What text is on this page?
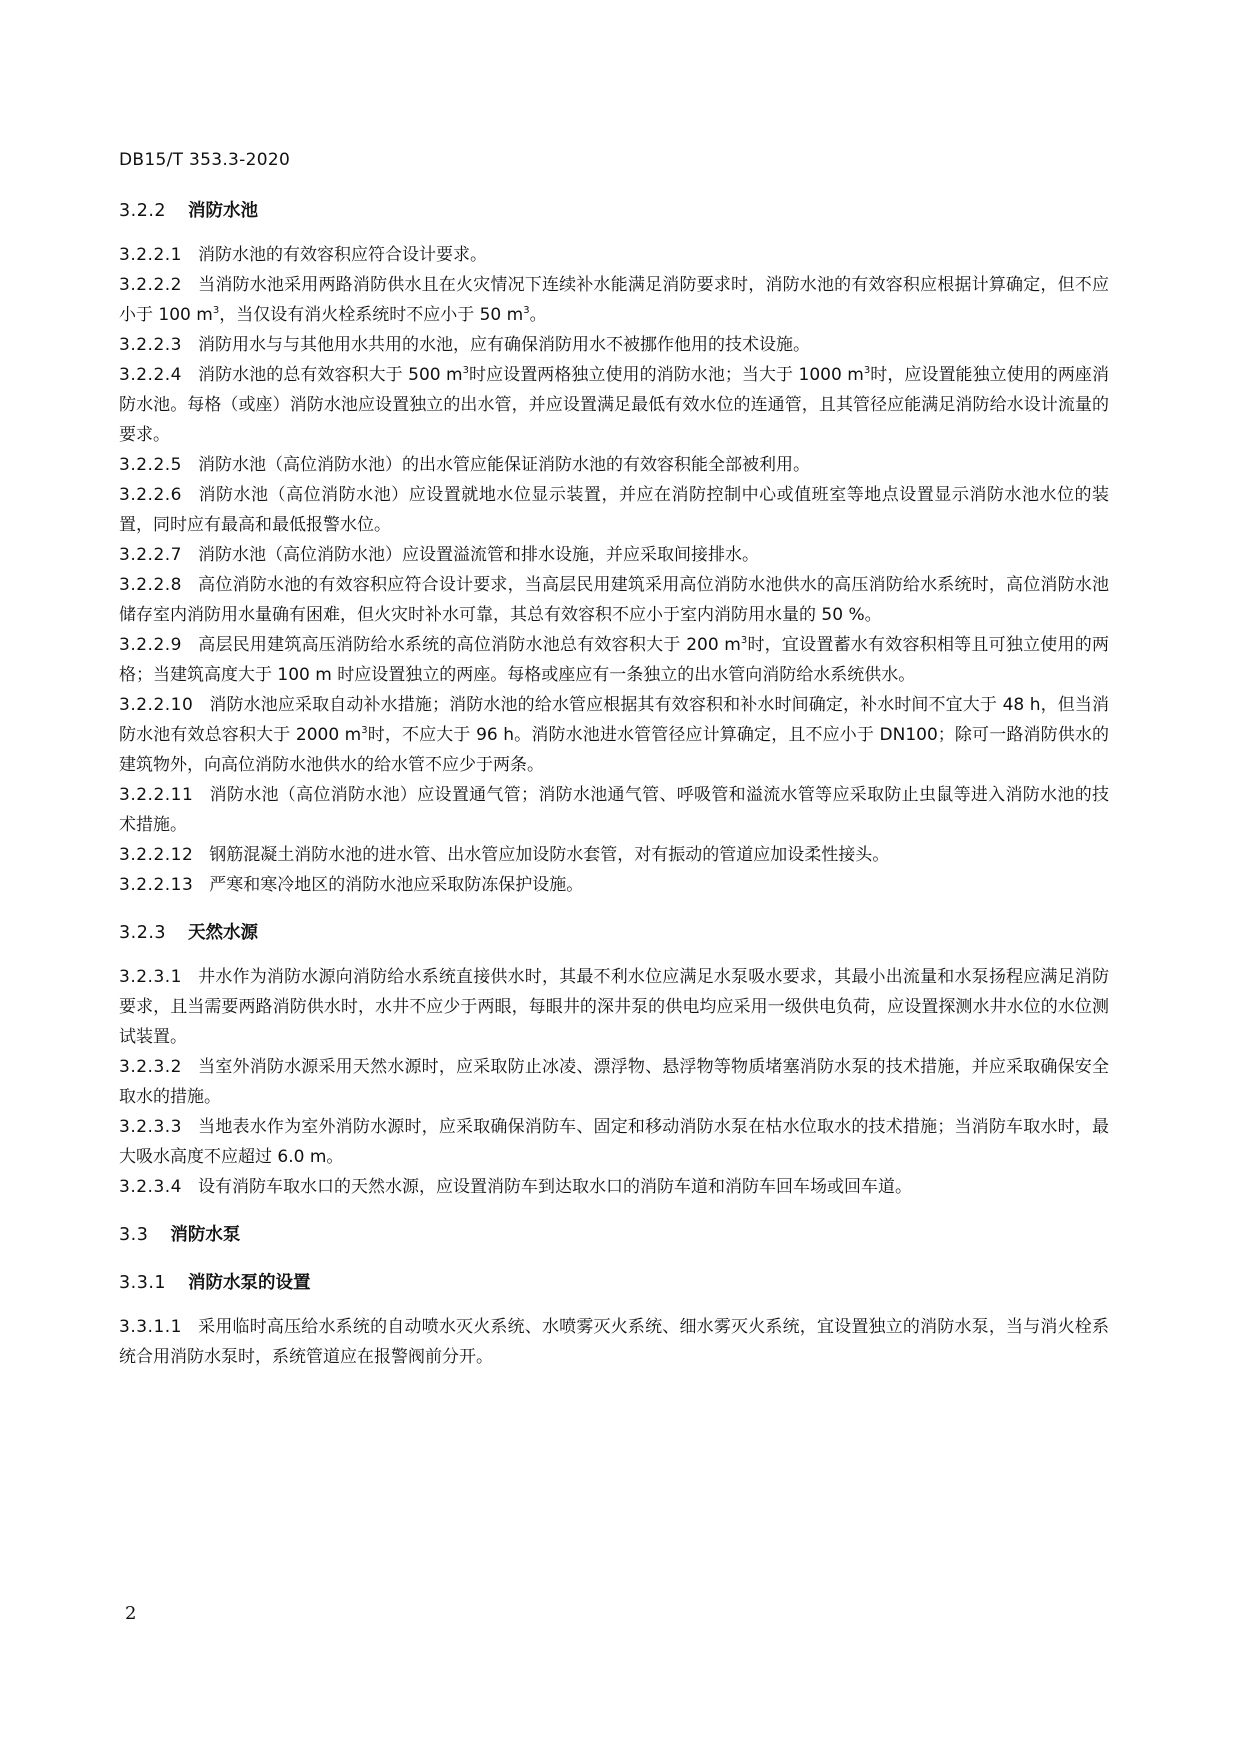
DB15/T 353.3-2020
3.2.2 消防水池

3.2.2.1 消防水池的有效容积应符合设计要求。

3.2.2.2 当消防水池采用两路消防供水且在火灾情况下连续补水能满足消防要求时，消防水池的有效容积应根据计算确定，但不应小于 100 $m^3$，当仅设有消火栓系统时不应小于 50 $m^3$。

3.2.2.3 消防用水与与其他用水共用的水池，应有确保消防用水不被挪作他用的技术设施。

3.2.2.4 消防水池的总有效容积大于 500 $m^3$时应设置两格独立使用的消防水池；当大于 1000 $m^3$时，应设置能独立使用的两座消防水池。每格（或座）消防水池应设置独立的出水管，并应设置满足最低有效水位的连通管，且其管径应能满足消防给水设计流量的要求。

3.2.2.5 消防水池（高位消防水池）的出水管应能保证消防水池的有效容积能全部被利用。

3.2.2.6 消防水池（高位消防水池）应设置就地水位显示装置，并应在消防控制中心或值班室等地点设置显示消防水池水位的装置，同时应有最高和最低报警水位。

3.2.2.7 消防水池（高位消防水池）应设置溢流管和排水设施，并应采取间接排水。

3.2.2.8 高位消防水池的有效容积应符合设计要求，当高层民用建筑采用高位消防水池供水的高压消防给水系统时，高位消防水池储存室内消防用水量确有困难，但火灾时补水可靠，其总有效容积不应小于室内消防用水量的 50 %。

3.2.2.9 高层民用建筑高压消防给水系统的高位消防水池总有效容积大于 200 $m^3$时，宜设置蓄水有效容积相等且可独立使用的两格；当建筑高度大于 100 m 时应设置独立的两座。每格或座应有一条独立的出水管向消防给水系统供水。

3.2.2.10 消防水池应采取自动补水措施；消防水池的给水管应根据其有效容积和补水时间确定，补水时间不宜大于 48 h，但当消防水池有效总容积大于 2000 $m^3$时，不应大于 96 h。消防水池进水管管径应计算确定，且不应小于 DN100；除可一路消防供水的建筑物外，向高位消防水池供水的给水管不应少于两条。

3.2.2.11 消防水池（高位消防水池）应设置通气管；消防水池通气管、呼吸管和溢流水管等应采取防止虫鼠等进入消防水池的技术措施。

3.2.2.12 钢筋混凝土消防水池的进水管、出水管应加设防水套管，对有振动的管道应加设柔性接头。

3.2.2.13 严寒和寒冷地区的消防水池应采取防冻保护设施。

3.2.3 天然水源

3.2.3.1 井水作为消防水源向消防给水系统直接供水时，其最不利水位应满足水泵吸水要求，其最小出流量和水泵扬程应满足消防要求，且当需要两路消防供水时，水井不应少于两眼，每眼井的深井泵的供电均应采用一级供电负荷，应设置探测水井水位的水位测试装置。

3.2.3.2 当室外消防水源采用天然水源时，应采取防止冰凌、漂浮物、悬浮物等物质堵塞消防水泵的技术措施，并应采取确保安全取水的措施。

3.2.3.3 当地表水作为室外消防水源时，应采取确保消防车、固定和移动消防水泵在枯水位取水的技术措施；当消防车取水时，最大吸水高度不应超过 6.0 m。

3.2.3.4 设有消防车取水口的天然水源，应设置消防车到达取水口的消防车道和消防车回车场或回车道。

3.3 消防水泵
3.3.1 消防水泵的设置

3.3.1.1 采用临时高压给水系统的自动喷水灭火系统、水喷雾灭火系统、细水雾灭火系统，宜设置独立的消防水泵，当与消火栓系统合用消防水泵时，系统管道应在报警阀前分开。

2
